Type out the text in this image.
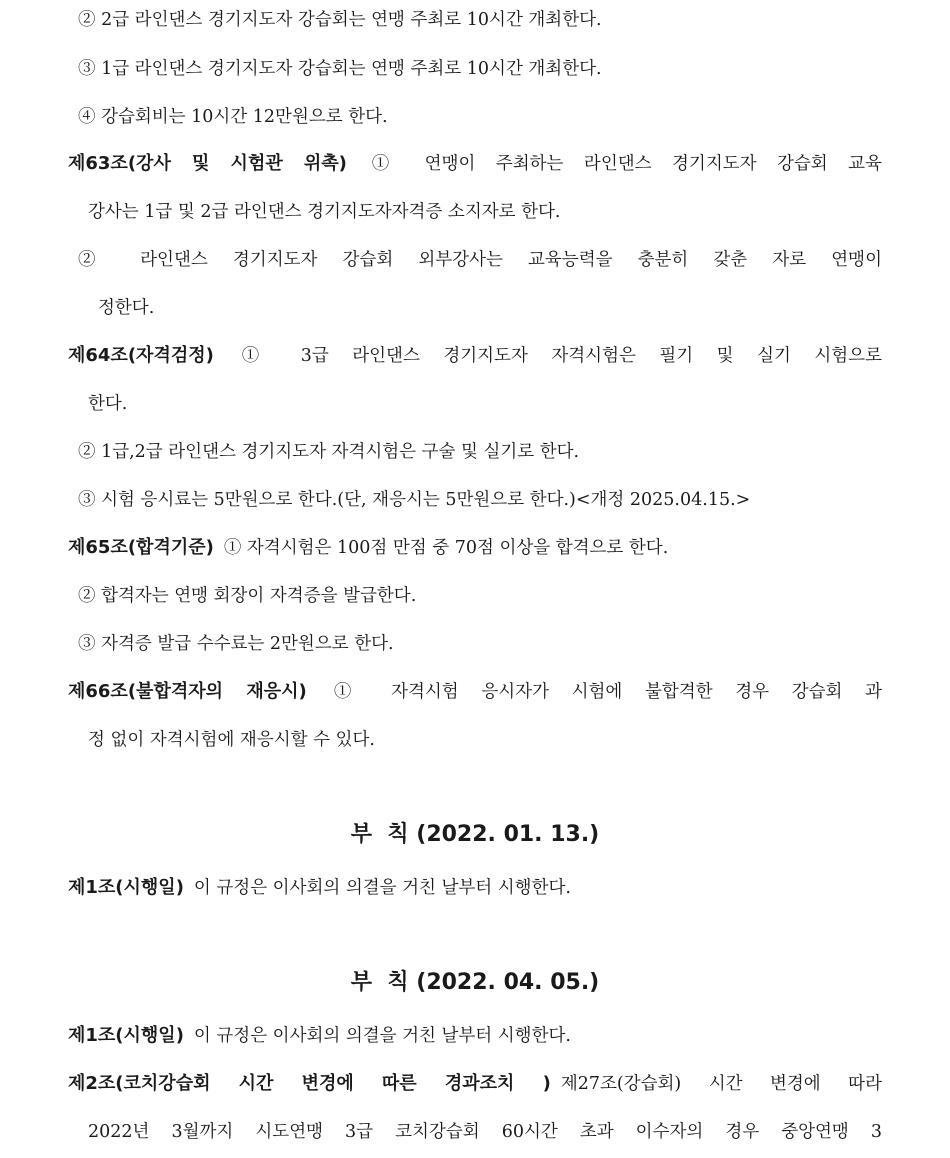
② 2급 라인댄스 경기지도자 강습회는 연맹 주최로 10시간 개최한다.
③ 1급 라인댄스 경기지도자 강습회는 연맹 주최로 10시간 개최한다.
④ 강습회비는 10시간 12만원으로 한다.
제63조(강사 및 시험관 위촉) ① 연맹이 주최하는 라인댄스 경기지도자 강습회 교육
강사는 1급 및 2급 라인댄스 경기지도자자격증 소지자로 한다.
② 라인댄스 경기지도자 강습회 외부강사는 교육능력을 충분히 갖춘 자로 연맹이
정한다.
제64조(자격검정) ① 3급 라인댄스 경기지도자 자격시험은 필기 및 실기 시험으로
한다.
② 1급,2급 라인댄스 경기지도자 자격시험은 구술 및 실기로 한다.
③ 시험 응시료는 5만원으로 한다.(단, 재응시는 5만원으로 한다.)<개정 2025.04.15.>
제65조(합격기준) ① 자격시험은 100점 만점 중 70점 이상을 합격으로 한다.
② 합격자는 연맹 회장이 자격증을 발급한다.
③ 자격증 발급 수수료는 2만원으로 한다.
제66조(불합격자의 재응시) ① 자격시험 응시자가 시험에 불합격한 경우 강습회 과
정 없이 자격시험에 재응시할 수 있다.
부  칙 (2022. 01. 13.)
제1조(시행일) 이 규정은 이사회의 의결을 거친 날부터 시행한다.
부  칙 (2022. 04. 05.)
제1조(시행일) 이 규정은 이사회의 의결을 거친 날부터 시행한다.
제2조(코치강습회 시간 변경에 따른 경과조치 ) 제27조(강습회) 시간 변경에 따라
2022년 3월까지 시도연맹 3급 코치강습회 60시간 초과 이수자의 경우 중앙연맹 3
